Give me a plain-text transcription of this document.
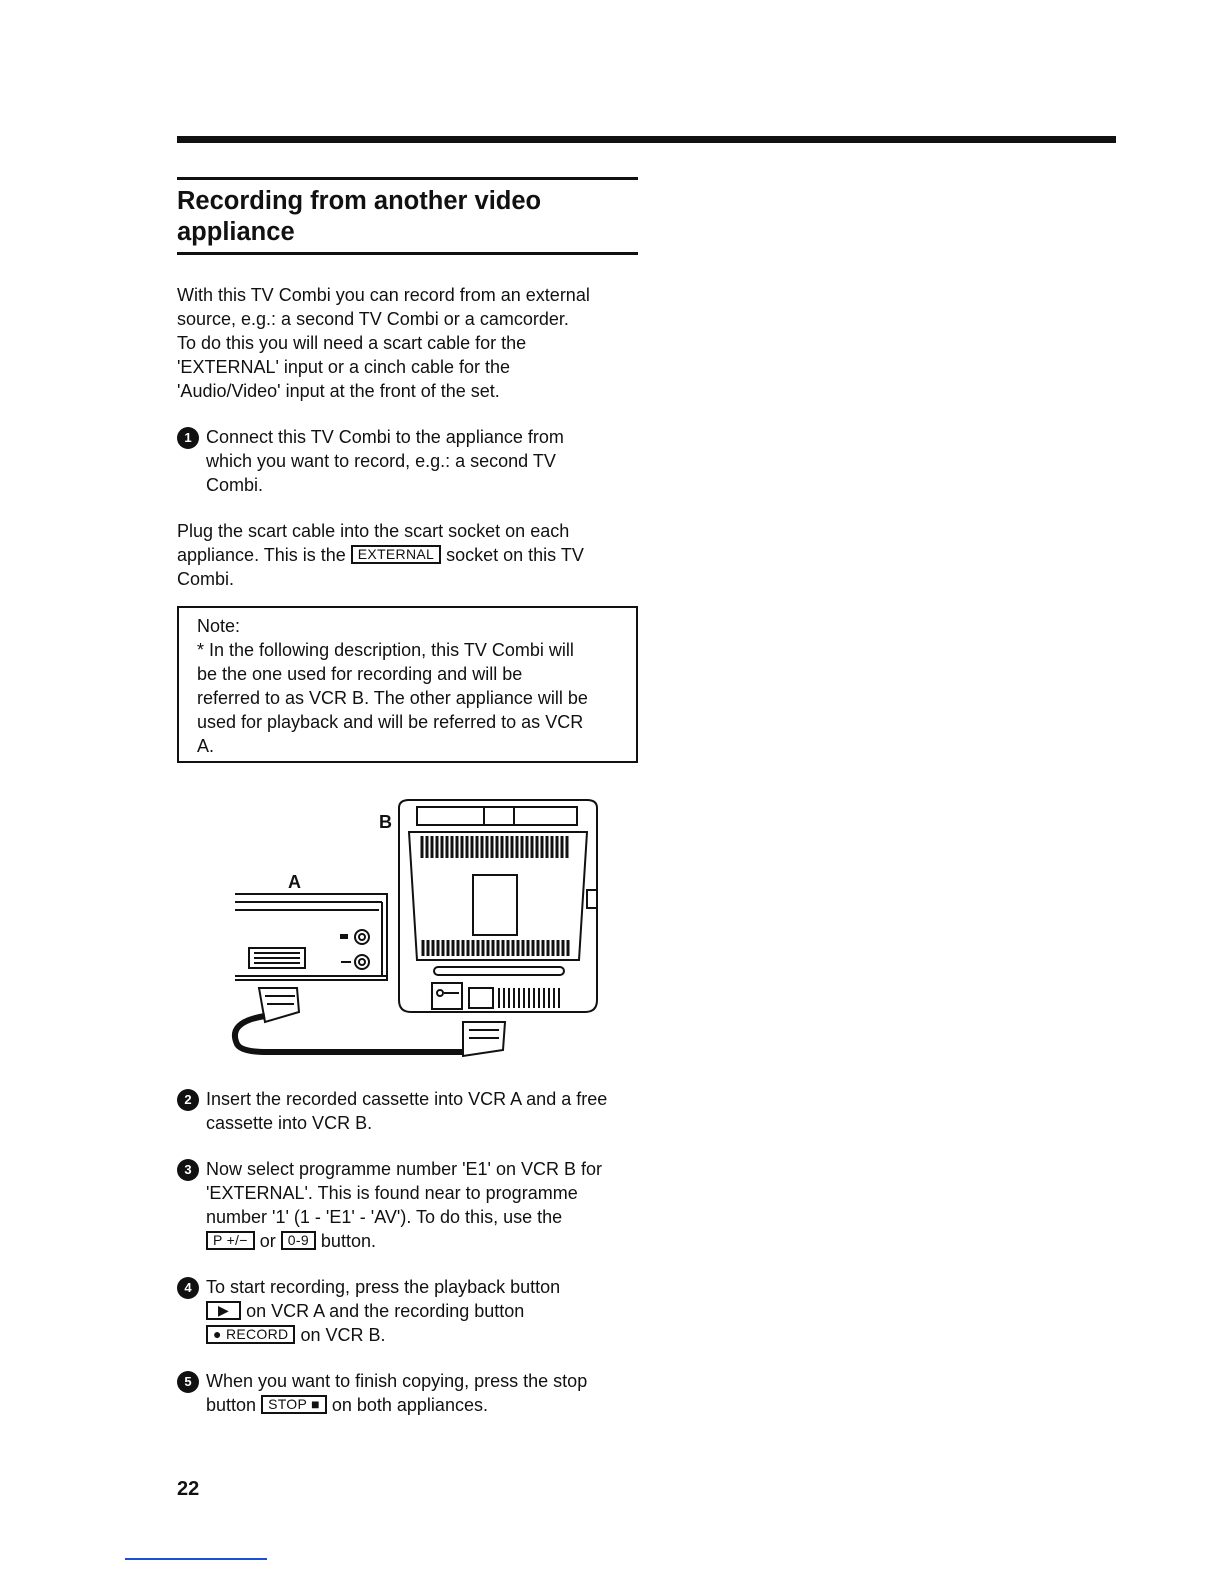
Recording from another video
appliance

With this TV Combi you can record from an external

source, e.g.: a second TV Combi or a camcorder.

To do this you will need a scart cable for the

'EXTERNAL' input or a cinch cable for the

'Audio/Video' input at the front of the set.

1 Connect this TV Combi to the appliance from

which you want to record, e.g.: a second TV

Combi.

Plug the scart cable into the scart socket on each

appliance. This is the EXTERNAL socket on this TV

Combi.

Note:
* In the following description, this TV Combi will
be the one used for recording and will be
referred to as VCR B. The other appliance will be
used for playback and will be referred to as VCR
A.
B
A
2 Insert the recorded cassette into VCR A and a free

cassette into VCR B.

3 Now select programme number 'E1' on VCR B for

'EXTERNAL'. This is found near to programme

number '1' (1 - 'E1' - 'AV'). To do this, use the

P +/− or 0-9 button.

4 To start recording, press the playback button

▶ on VCR A and the recording button

● RECORD on VCR B.

5 When you want to finish copying, press the stop

button STOP ■ on both appliances.

22
